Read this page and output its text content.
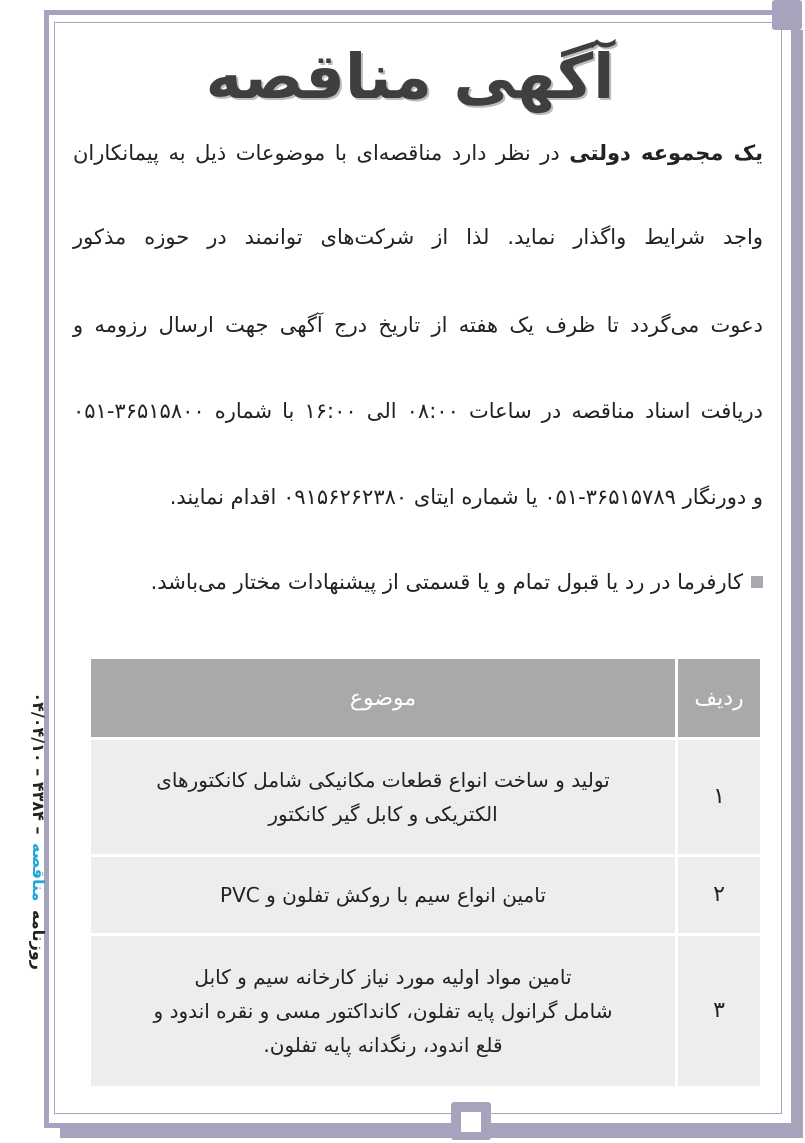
آگهی مناقصه
یک مجموعه دولتی در نظر دارد مناقصه‌ای با موضوعات ذیل به پیمانکاران
واجد شرایط واگذار نماید. لذا از شرکت‌های توانمند در حوزه مذکور
دعوت می‌گردد تا ظرف یک هفته از تاریخ درج آگهی جهت ارسال رزومه و
دریافت اسناد مناقصه در ساعات ۰۸:۰۰ الی ۱۶:۰۰ با شماره ۳۶۵۱۵۸۰۰-۰۵۱
و دورنگار ۳۶۵۱۵۷۸۹-۰۵۱ یا شماره ایتای ۰۹۱۵۶۲۶۲۳۸۰ اقدام نمایند.
کارفرما در رد یا قبول تمام و یا قسمتی از پیشنهادات مختار می‌باشد.
روزنامه مناقصه – ۴۳۸۴ – ۰۴/۰۴/۱۰
ردیف	موضوع
۱	تولید و ساخت انواع قطعات مکانیکی شامل کانکتورهای
الکتریکی و کابل گیر کانکتور

۲	تامین انواع سیم با روکش تفلون و PVC

۳	تامین مواد اولیه مورد نیاز کارخانه سیم و کابل
شامل گرانول پایه تفلون، کانداکتور مسی و نقره اندود و
قلع اندود، رنگدانه پایه تفلون.
